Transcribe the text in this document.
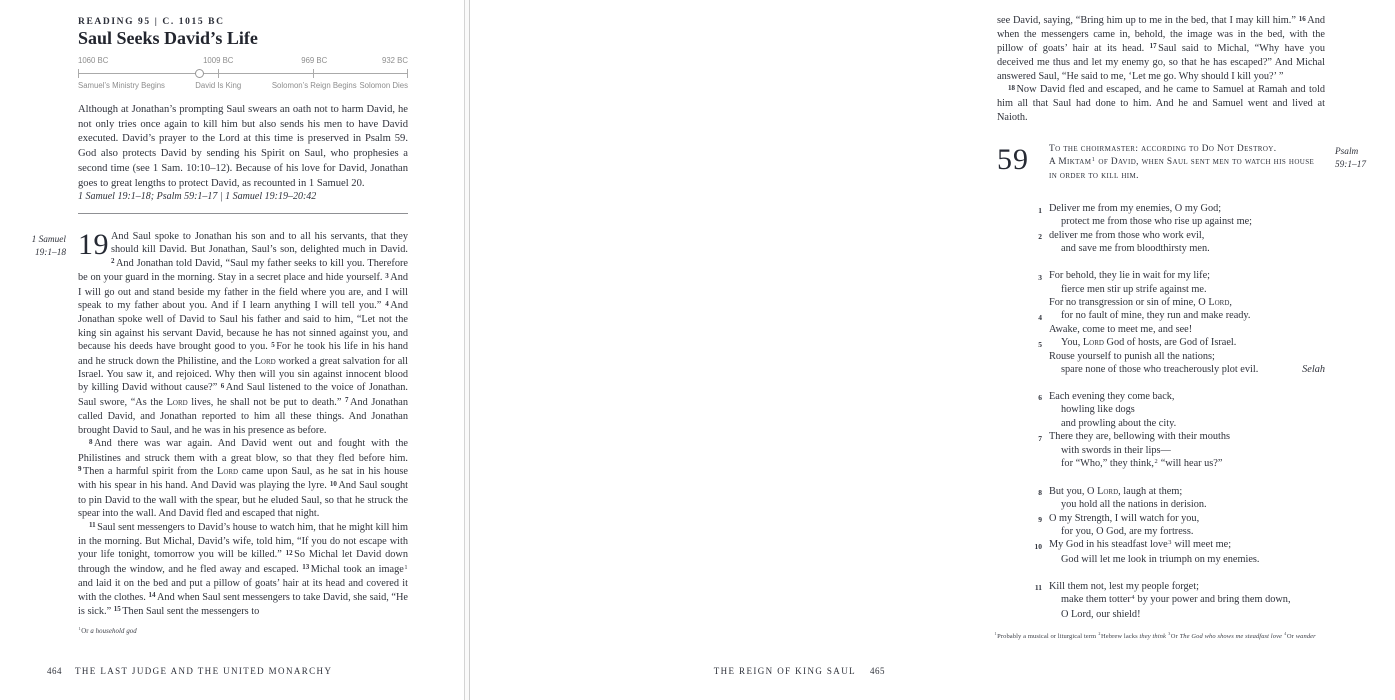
READING 95 | C. 1015 BC
Saul Seeks David’s Life
1060 BC	1009 BC	969 BC	932 BC
Samuel’s Ministry Begins	David Is King	Solomon’s Reign Begins Solomon Dies
Although at Jonathan’s prompting Saul swears an oath not to harm David, he not only tries once again to kill him but also sends his men to have David executed. David’s prayer to the Lord at this time is preserved in Psalm 59. God also protects David by sending his Spirit on Saul, who prophesies a second time (see 1 Sam. 10:10–12). Because of his love for David, Jonathan goes to great lengths to protect David, as recounted in 1 Samuel 20.
1 Samuel 19:1–18; Psalm 59:1–17 | 1 Samuel 19:19–20:42
1 Samuel
19:1–18 19 And Saul spoke to Jonathan his son and to all his servants, that they should kill David. But Jonathan, Saul’s son, delighted much in David. $^2$ And Jonathan told David, “Saul my father seeks to kill you. Therefore be on your guard in the morning. Stay in a secret place and hide yourself. $^3$ And I will go out and stand beside my father in the field where you are, and I will speak to my father about you. And if I learn anything I will tell you.” $^4$ And Jonathan spoke well of David to Saul his father and said to him, “Let not the king sin against his servant David, because he has not sinned against you, and because his deeds have brought good to you. $^5$ For he took his life in his hand and he struck down the Philistine, and the Lord worked a great salvation for all Israel. You saw it, and rejoiced. Why then will you sin against innocent blood by killing David without cause?” $^6$ And Saul listened to the voice of Jonathan. Saul swore, “As the Lord lives, he shall not be put to death.” $^7$ And Jonathan called David, and Jonathan reported to him all these things. And Jonathan brought David to Saul, and he was in his presence as before.

$^8$ And there was war again. And David went out and fought with the Philistines and struck them with a great blow, so that they fled before him. $^9$ Then a harmful spirit from the Lord came upon Saul, as he sat in his house with his spear in his hand. And David was playing the lyre. $^{10}$ And Saul sought to pin David to the wall with the spear, but he eluded Saul, so that he struck the spear into the wall. And David fled and escaped that night.

$^{11}$ Saul sent messengers to David’s house to watch him, that he might kill him in the morning. But Michal, David’s wife, told him, “If you do not escape with your life tonight, tomorrow you will be killed.” $^{12}$ So Michal let David down through the window, and he fled away and escaped. $^{13}$ Michal took an image$^1$ and laid it on the bed and put a pillow of goats’ hair at its head and covered it with the clothes. $^{14}$ And when Saul sent messengers to take David, she said, “He is sick.” $^{15}$ Then Saul sent the messengers to

$^1$Or a household god
464 THE LAST JUDGE AND THE UNITED MONARCHY

see David, saying, “Bring him up to me in the bed, that I may kill him.” $^{16}$ And when the messengers came in, behold, the image was in the bed, with the pillow of goats’ hair at its head. $^{17}$ Saul said to Michal, “Why have you deceived me thus and let my enemy go, so that he has escaped?” And Michal answered Saul, “He said to me, ‘Let me go. Why should I kill you?’ ”

$^{18}$ Now David fled and escaped, and he came to Samuel at Ramah and told him all that Saul had done to him. And he and Samuel went and lived at Naioth.

59 To the choirmaster: according to Do Not Destroy.
A Miktam$^1$ of David, when Saul sent men to watch his house
in order to kill him.
1 Deliver me from my enemies, O my God;
protect me from those who rise up against me;
2 deliver me from those who work evil,
and save me from bloodthirsty men.
3 For behold, they lie in wait for my life;
fierce men stir up strife against me.
For no transgression or sin of mine, O Lord,
4 for no fault of mine, they run and make ready.
Awake, come to meet me, and see!
5 You, Lord God of hosts, are God of Israel.
Rouse yourself to punish all the nations;
spare none of those who treacherously plot evil.	Selah
6 Each evening they come back,
howling like dogs
and prowling about the city.
7 There they are, bellowing with their mouths
with swords in their lips—
for “Who,” they think,$^2$ “will hear us?”
8 But you, O Lord, laugh at them;
you hold all the nations in derision.
9 O my Strength, I will watch for you,
for you, O God, are my fortress.
10 My God in his steadfast love$^3$ will meet me;
God will let me look in triumph on my enemies.
11 Kill them not, lest my people forget;
make them totter$^4$ by your power and bring them down,
O Lord, our shield!
Psalm
59:1–17
$^1$Probably a musical or liturgical term $^2$Hebrew lacks they think $^3$Or The God who shows me steadfast love $^4$Or wander
THE REIGN OF KING SAUL 465
